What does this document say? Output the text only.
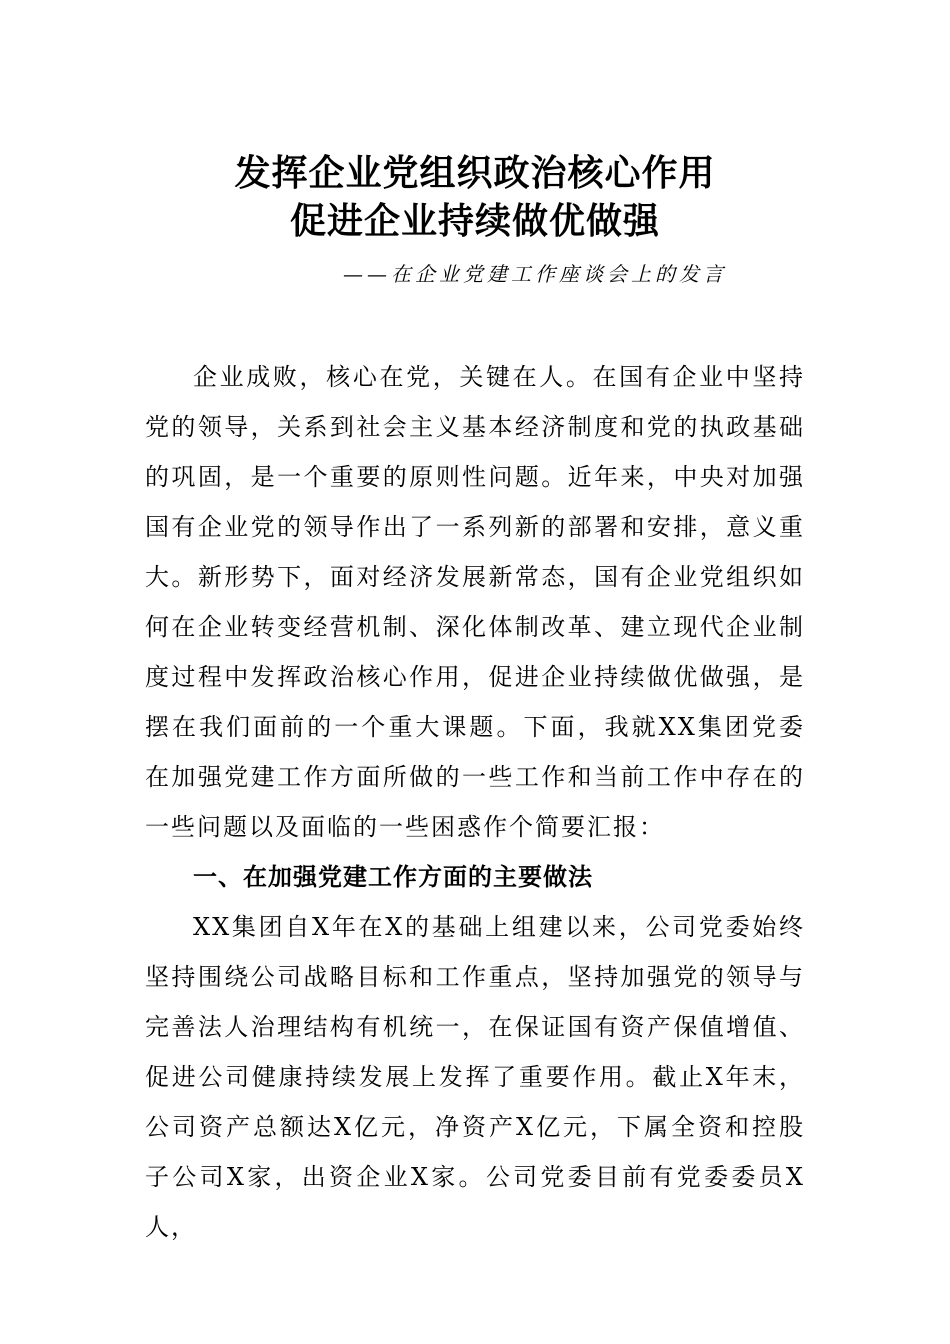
发挥企业党组织政治核心作用
促进企业持续做优做强

——在企业党建工作座谈会上的发言

企业成败，核心在党，关键在人。在国有企业中坚持党的领导，关系到社会主义基本经济制度和党的执政基础的巩固，是一个重要的原则性问题。近年来，中央对加强国有企业党的领导作出了一系列新的部署和安排，意义重大。新形势下，面对经济发展新常态，国有企业党组织如何在企业转变经营机制、深化体制改革、建立现代企业制度过程中发挥政治核心作用，促进企业持续做优做强，是摆在我们面前的一个重大课题。下面，我就XX集团党委在加强党建工作方面所做的一些工作和当前工作中存在的一些问题以及面临的一些困惑作个简要汇报：

一、在加强党建工作方面的主要做法

XX集团自X年在X的基础上组建以来，公司党委始终坚持围绕公司战略目标和工作重点，坚持加强党的领导与完善法人治理结构有机统一，在保证国有资产保值增值、促进公司健康持续发展上发挥了重要作用。截止X年末，公司资产总额达X亿元，净资产X亿元，下属全资和控股子公司X家，出资企业X家。公司党委目前有党委委员X人，
